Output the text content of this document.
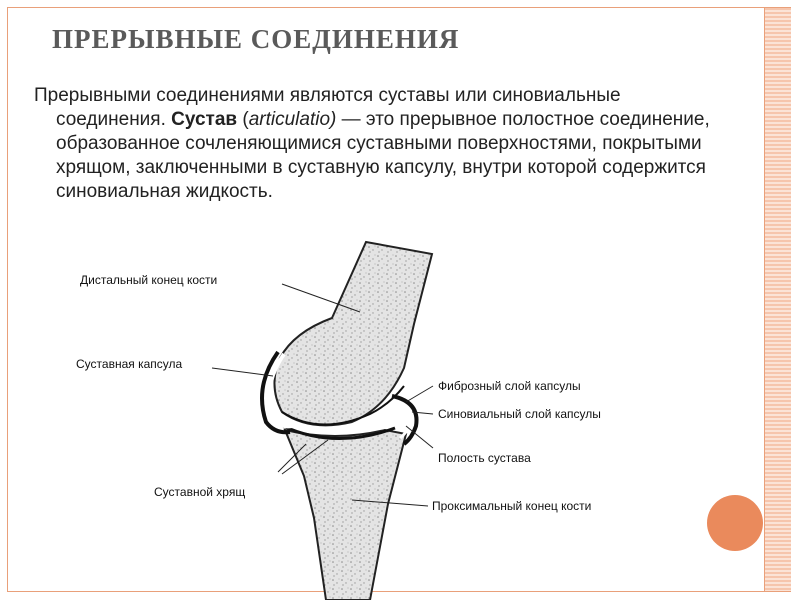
ПРЕРЫВНЫЕ СОЕДИНЕНИЯ
Прерывными соединениями являются суставы или синовиальные
соединения. Сустав (articulatio) — это прерывное полостное соединение, образованное сочленяющимися суставными поверхностями, покрытыми хрящом, заключенными в суставную капсулу, внутри которой содержится синовиальная жидкость.
Дистальный конец кости
Суставная капсула
Фиброзный слой капсулы
Синовиальный слой капсулы
Полость сустава
Суставной хрящ
Проксимальный конец кости
